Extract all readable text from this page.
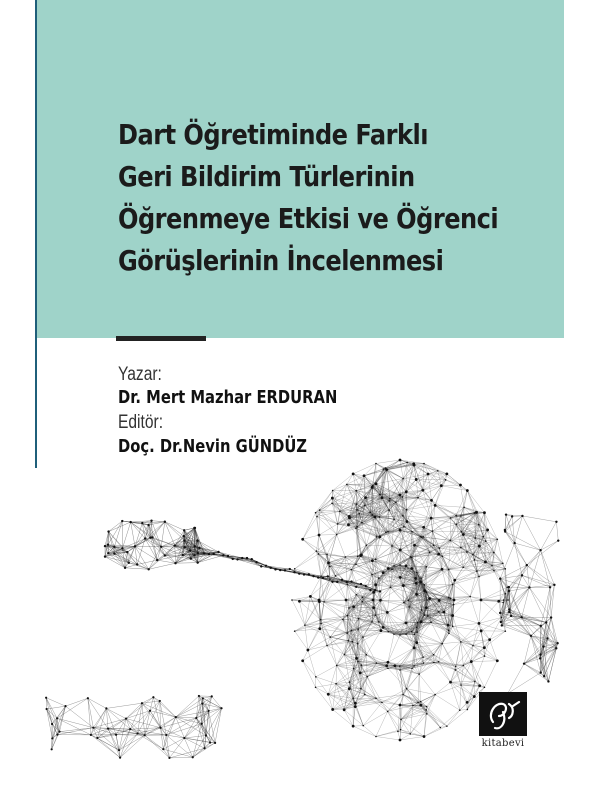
Dart Öğretiminde Farklı
Geri Bildirim Türlerinin
Öğrenmeye Etkisi ve Öğrenci
Görüşlerinin İncelenmesi

Yazar:

Dr. Mert Mazhar ERDURAN

Editör:

Doç. Dr.Nevin GÜNDÜZ

kitabevi
